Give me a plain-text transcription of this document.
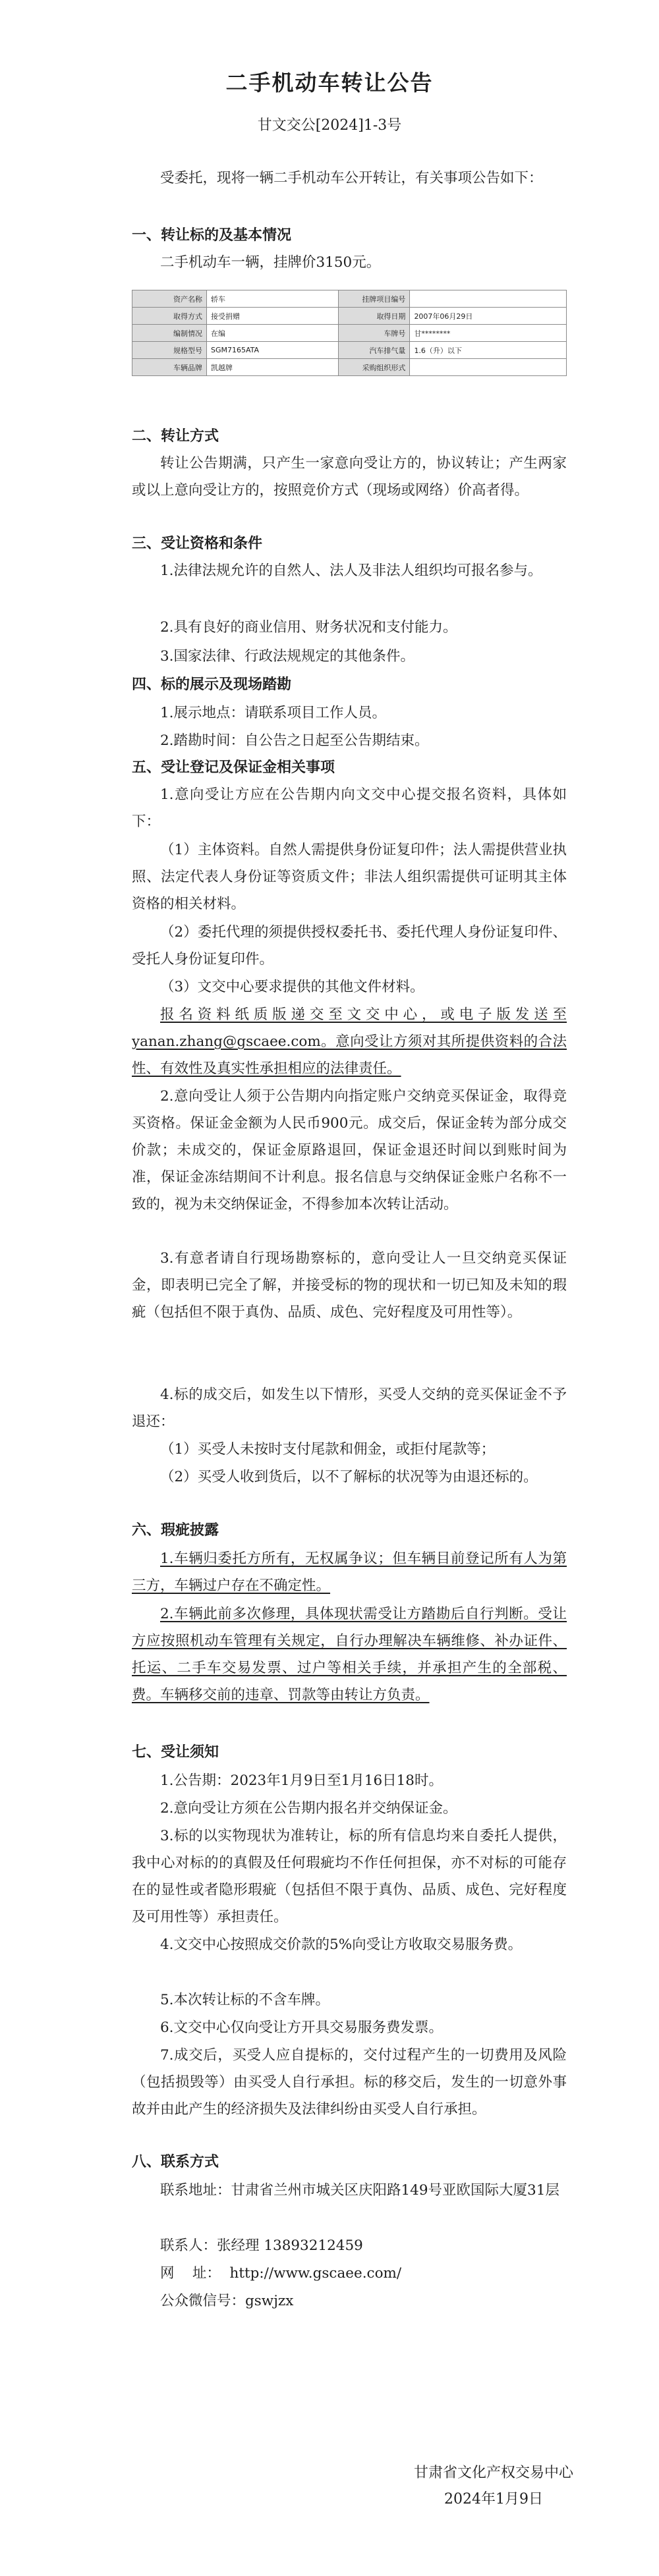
二手机动车转让公告
甘文交公[2024]1-3号

受委托，现将一辆二手机动车公开转让，有关事项公告如下：

一、转让标的及基本情况

二手机动车一辆，挂牌价3150元。

资产名称	轿车	挂牌项目编号	
取得方式	接受捐赠	取得日期	2007年06月29日
编制情况	在编	车牌号	甘********
规格型号	SGM7165ATA	汽车排气量	1.6（升）以下
车辆品牌	凯越牌	采购组织形式	

二、转让方式

转让公告期满，只产生一家意向受让方的，协议转让；产生两家或以上意向受让方的，按照竞价方式（现场或网络）价高者得。

三、受让资格和条件

1.法律法规允许的自然人、法人及非法人组织均可报名参与。

2.具有良好的商业信用、财务状况和支付能力。

3.国家法律、行政法规规定的其他条件。

四、标的展示及现场踏勘

1.展示地点：请联系项目工作人员。

2.踏勘时间：自公告之日起至公告期结束。

五、受让登记及保证金相关事项

1.意向受让方应在公告期内向文交中心提交报名资料，具体如下：

（1）主体资料。自然人需提供身份证复印件；法人需提供营业执照、法定代表人身份证等资质文件；非法人组织需提供可证明其主体资格的相关材料。

（2）委托代理的须提供授权委托书、委托代理人身份证复印件、受托人身份证复印件。

（3）文交中心要求提供的其他文件材料。

报名资料纸质版递交至文交中心，或电子版发送至yanan.zhang@gscaee.com。意向受让方须对其所提供资料的合法性、有效性及真实性承担相应的法律责任。

2.意向受让人须于公告期内向指定账户交纳竞买保证金，取得竞买资格。保证金金额为人民币900元。成交后，保证金转为部分成交价款；未成交的，保证金原路退回，保证金退还时间以到账时间为准，保证金冻结期间不计利息。报名信息与交纳保证金账户名称不一致的，视为未交纳保证金，不得参加本次转让活动。

3.有意者请自行现场勘察标的，意向受让人一旦交纳竞买保证金，即表明已完全了解，并接受标的物的现状和一切已知及未知的瑕疵（包括但不限于真伪、品质、成色、完好程度及可用性等）。

4.标的成交后，如发生以下情形，买受人交纳的竞买保证金不予退还：

（1）买受人未按时支付尾款和佣金，或拒付尾款等；

（2）买受人收到货后，以不了解标的状况等为由退还标的。

六、瑕疵披露

1.车辆归委托方所有，无权属争议；但车辆目前登记所有人为第三方，车辆过户存在不确定性。

2.车辆此前多次修理，具体现状需受让方踏勘后自行判断。受让方应按照机动车管理有关规定，自行办理解决车辆维修、补办证件、托运、二手车交易发票、过户等相关手续，并承担产生的全部税、费。车辆移交前的违章、罚款等由转让方负责。

七、受让须知

1.公告期：2023年1月9日至1月16日18时。

2.意向受让方须在公告期内报名并交纳保证金。

3.标的以实物现状为准转让，标的所有信息均来自委托人提供，我中心对标的的真假及任何瑕疵均不作任何担保，亦不对标的可能存在的显性或者隐形瑕疵（包括但不限于真伪、品质、成色、完好程度及可用性等）承担责任。

4.文交中心按照成交价款的5%向受让方收取交易服务费。

5.本次转让标的不含车牌。

6.文交中心仅向受让方开具交易服务费发票。

7.成交后，买受人应自提标的，交付过程产生的一切费用及风险（包括损毁等）由买受人自行承担。标的移交后，发生的一切意外事故并由此产生的经济损失及法律纠纷由买受人自行承担。

八、联系方式

联系地址：甘肃省兰州市城关区庆阳路149号亚欧国际大厦31层

联系人：张经理 13893212459

网    址：  http://www.gscaee.com/

公众微信号：gswjzx

甘肃省文化产权交易中心
2024年1月9日
